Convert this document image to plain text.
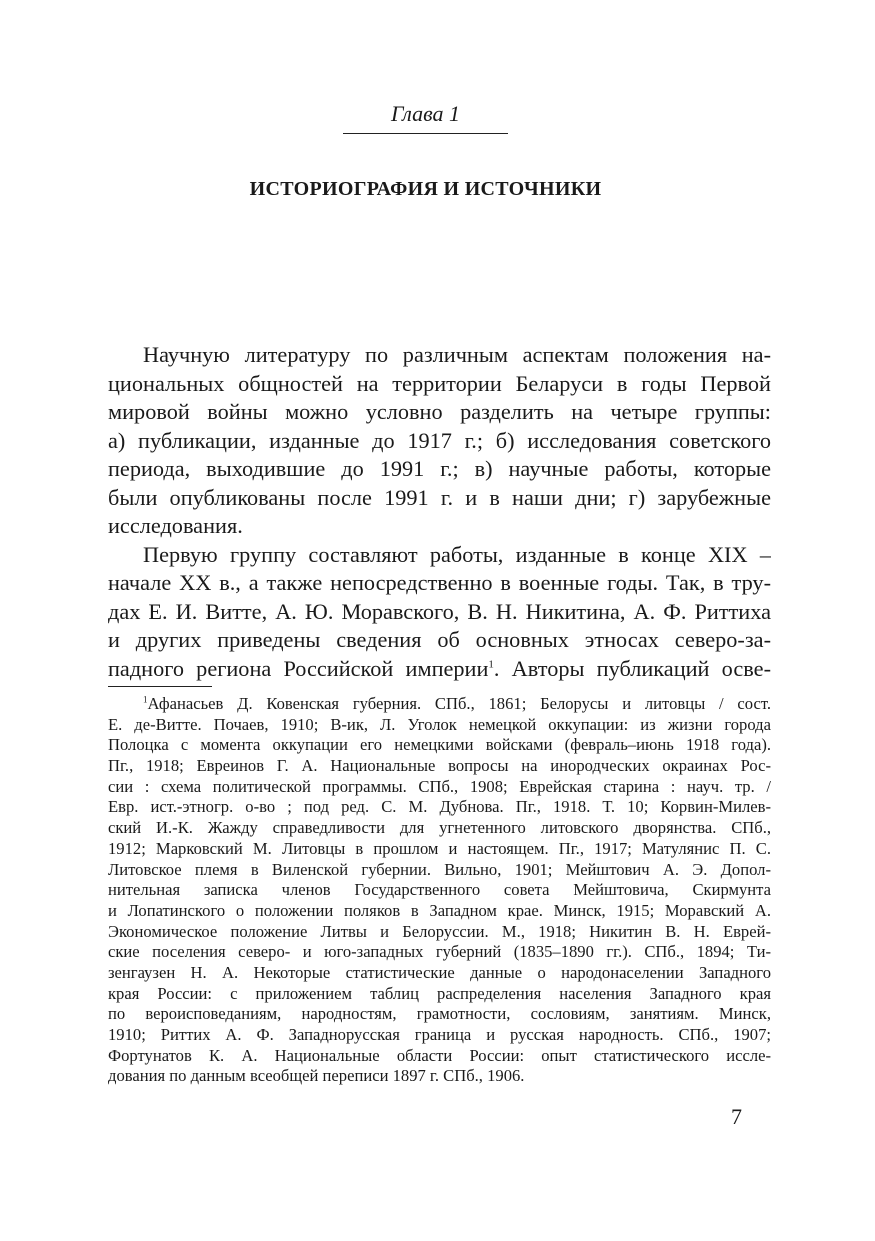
Глава 1
ИСТОРИОГРАФИЯ И ИСТОЧНИКИ
Научную литературу по различным аспектам положения на-
циональных общностей на территории Беларуси в годы Первой
мировой войны можно условно разделить на четыре группы:
а) публикации, изданные до 1917 г.; б) исследования советского
периода, выходившие до 1991 г.; в) научные работы, которые
были опубликованы после 1991 г. и в наши дни; г) зарубежные
исследования.
Первую группу составляют работы, изданные в конце XIX –
начале XX в., а также непосредственно в военные годы. Так, в тру-
дах Е. И. Витте, А. Ю. Моравского, В. Н. Никитина, А. Ф. Риттиха
и других приведены сведения об основных этносах северо-за-
падного региона Российской империи$^1$. Авторы публикаций осве-
$^1$Афанасьев Д. Ковенская губерния. СПб., 1861; Белорусы и литовцы / сост.
Е. де-Витте. Почаев, 1910; В-ик, Л. Уголок немецкой оккупации: из жизни города
Полоцка с момента оккупации его немецкими войсками (февраль–июнь 1918 года).
Пг., 1918; Евреинов Г. А. Национальные вопросы на инородческих окраинах Рос-
сии : схема политической программы. СПб., 1908; Еврейская старина : науч. тр. /
Евр. ист.-этногр. о-во ; под ред. С. М. Дубнова. Пг., 1918. Т. 10; Корвин-Милев-
ский И.-К. Жажду справедливости для угнетенного литовского дворянства. СПб.,
1912; Марковский М. Литовцы в прошлом и настоящем. Пг., 1917; Матулянис П. С.
Литовское племя в Виленской губернии. Вильно, 1901; Мейштович А. Э. Допол-
нительная записка членов Государственного совета Мейштовича, Скирмунта
и Лопатинского о положении поляков в Западном крае. Минск, 1915; Моравский А.
Экономическое положение Литвы и Белоруссии. М., 1918; Никитин В. Н. Еврей-
ские поселения северо- и юго-западных губерний (1835–1890 гг.). СПб., 1894; Ти-
зенгаузен Н. А. Некоторые статистические данные о народонаселении Западного
края России: с приложением таблиц распределения населения Западного края
по вероисповеданиям, народностям, грамотности, сословиям, занятиям. Минск,
1910; Риттих А. Ф. Западнорусская граница и русская народность. СПб., 1907;
Фортунатов К. А. Национальные области России: опыт статистического иссле-
дования по данным всеобщей переписи 1897 г. СПб., 1906.
7
